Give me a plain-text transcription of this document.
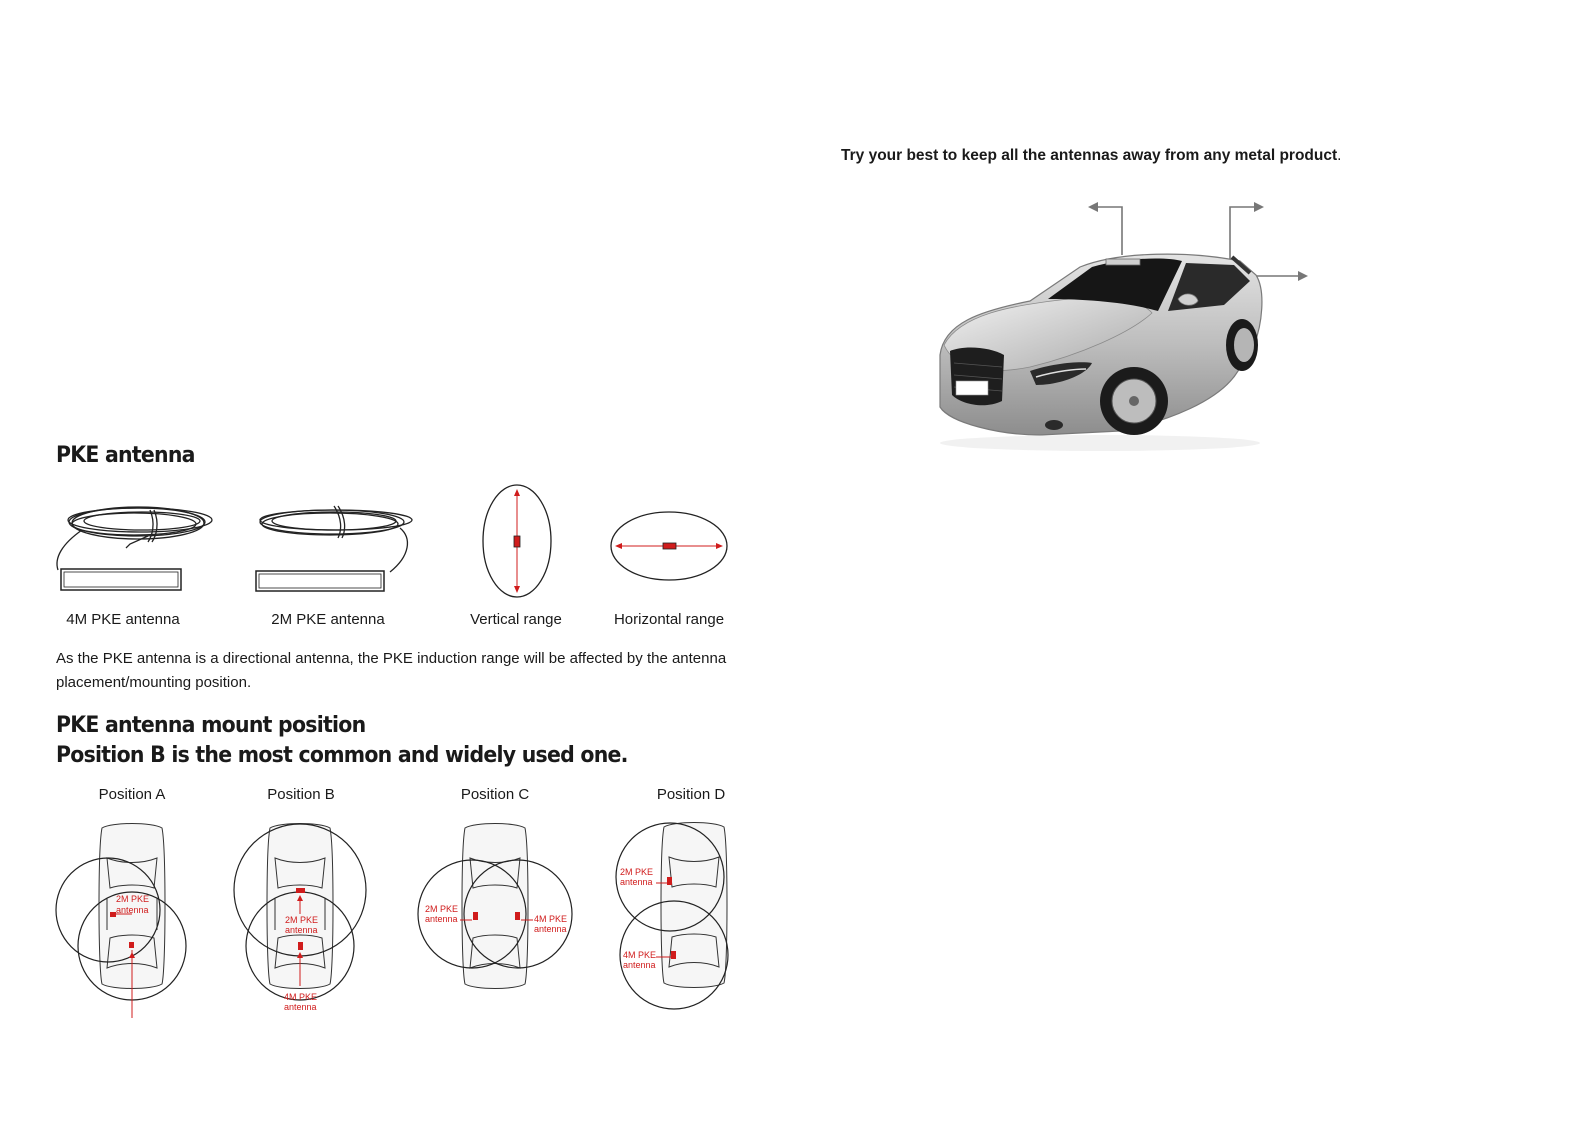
Try your best to keep all the antennas away from any metal product.
PKE antenna
4M PKE antenna	2M PKE antenna	Vertical range	Horizontal range
As the PKE antenna is a directional antenna, the PKE induction range will be affected by the antenna placement/mounting position.
PKE antenna mount position
Position B is the most common and widely used one.
Position A	Position B	Position C	Position D
2M PKE
antenna
2M PKE
antenna
4M PKE
antenna
2M PKE
antenna	4M PKE
antenna
2M PKE
antenna
4M PKE
antenna
